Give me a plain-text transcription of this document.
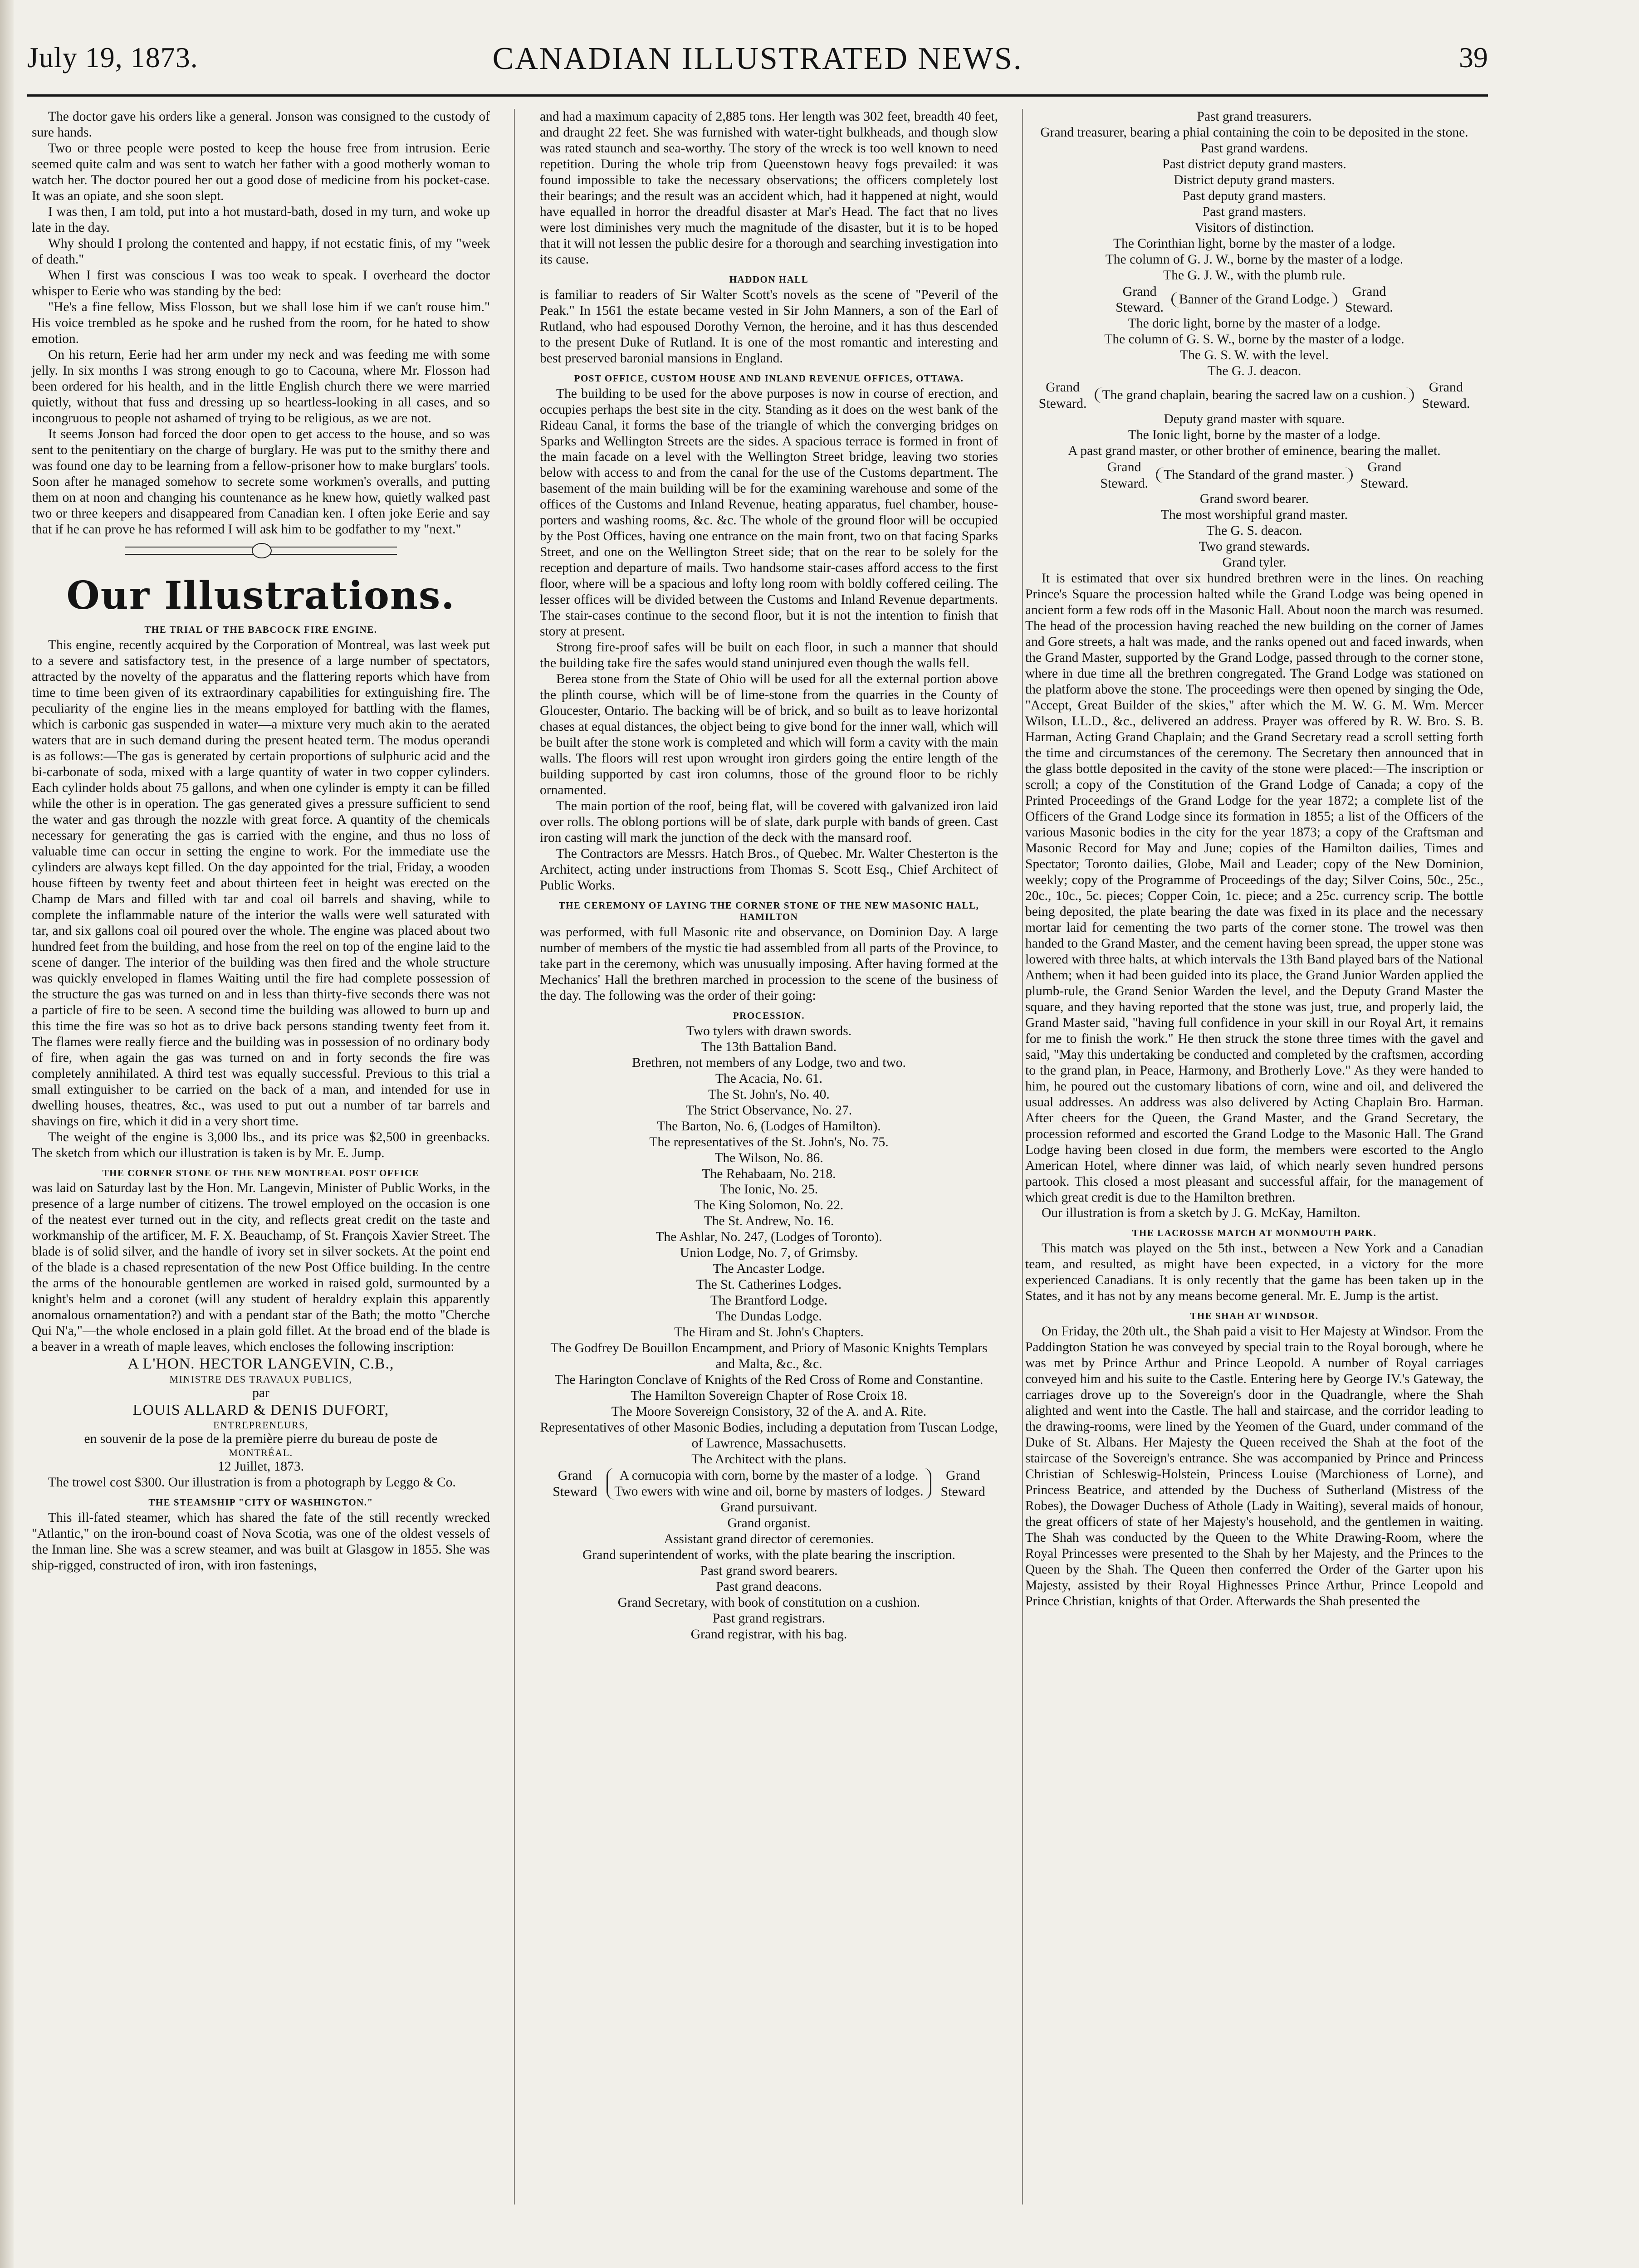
July 19, 1873.	CANADIAN ILLUSTRATED NEWS.	39

The doctor gave his orders like a general. Jonson was consigned to the custody of sure hands.

Two or three people were posted to keep the house free from intrusion. Eerie seemed quite calm and was sent to watch her father with a good motherly woman to watch her. The doctor poured her out a good dose of medicine from his pocket-case. It was an opiate, and she soon slept.

I was then, I am told, put into a hot mustard-bath, dosed in my turn, and woke up late in the day.

Why should I prolong the contented and happy, if not ecstatic finis, of my "week of death."

When I first was conscious I was too weak to speak. I overheard the doctor whisper to Eerie who was standing by the bed:

"He's a fine fellow, Miss Flosson, but we shall lose him if we can't rouse him." His voice trembled as he spoke and he rushed from the room, for he hated to show emotion.

On his return, Eerie had her arm under my neck and was feeding me with some jelly. In six months I was strong enough to go to Cacouna, where Mr. Flosson had been ordered for his health, and in the little English church there we were married quietly, without that fuss and dressing up so heartless-looking in all cases, and so incongruous to people not ashamed of trying to be religious, as we are not.

It seems Jonson had forced the door open to get access to the house, and so was sent to the penitentiary on the charge of burglary. He was put to the smithy there and was found one day to be learning from a fellow-prisoner how to make burglars' tools. Soon after he managed somehow to secrete some workmen's overalls, and putting them on at noon and changing his countenance as he knew how, quietly walked past two or three keepers and disappeared from Canadian ken. I often joke Eerie and say that if he can prove he has reformed I will ask him to be godfather to my "next."

Our Illustrations.
THE TRIAL OF THE BABCOCK FIRE ENGINE.

This engine, recently acquired by the Corporation of Montreal, was last week put to a severe and satisfactory test, in the presence of a large number of spectators, attracted by the novelty of the apparatus and the flattering reports which have from time to time been given of its extraordinary capabilities for extinguishing fire. The peculiarity of the engine lies in the means employed for battling with the flames, which is carbonic gas suspended in water—a mixture very much akin to the aerated waters that are in such demand during the present heated term. The modus operandi is as follows:—The gas is generated by certain proportions of sulphuric acid and the bi-carbonate of soda, mixed with a large quantity of water in two copper cylinders. Each cylinder holds about 75 gallons, and when one cylinder is empty it can be filled while the other is in operation. The gas generated gives a pressure sufficient to send the water and gas through the nozzle with great force. A quantity of the chemicals necessary for generating the gas is carried with the engine, and thus no loss of valuable time can occur in setting the engine to work. For the immediate use the cylinders are always kept filled. On the day appointed for the trial, Friday, a wooden house fifteen by twenty feet and about thirteen feet in height was erected on the Champ de Mars and filled with tar and coal oil barrels and shaving, while to complete the inflammable nature of the interior the walls were well saturated with tar, and six gallons coal oil poured over the whole. The engine was placed about two hundred feet from the building, and hose from the reel on top of the engine laid to the scene of danger. The interior of the building was then fired and the whole structure was quickly enveloped in flames Waiting until the fire had complete possession of the structure the gas was turned on and in less than thirty-five seconds there was not a particle of fire to be seen. A second time the building was allowed to burn up and this time the fire was so hot as to drive back persons standing twenty feet from it. The flames were really fierce and the building was in possession of no ordinary body of fire, when again the gas was turned on and in forty seconds the fire was completely annihilated. A third test was equally successful. Previous to this trial a small extinguisher to be carried on the back of a man, and intended for use in dwelling houses, theatres, &c., was used to put out a number of tar barrels and shavings on fire, which it did in a very short time.

The weight of the engine is 3,000 lbs., and its price was $2,500 in greenbacks. The sketch from which our illustration is taken is by Mr. E. Jump.

THE CORNER STONE OF THE NEW MONTREAL POST OFFICE

was laid on Saturday last by the Hon. Mr. Langevin, Minister of Public Works, in the presence of a large number of citizens. The trowel employed on the occasion is one of the neatest ever turned out in the city, and reflects great credit on the taste and workmanship of the artificer, M. F. X. Beauchamp, of St. François Xavier Street. The blade is of solid silver, and the handle of ivory set in silver sockets. At the point end of the blade is a chased representation of the new Post Office building. In the centre the arms of the honourable gentlemen are worked in raised gold, surmounted by a knight's helm and a coronet (will any student of heraldry explain this apparently anomalous ornamentation?) and with a pendant star of the Bath; the motto "Cherche Qui N'a,"—the whole enclosed in a plain gold fillet. At the broad end of the blade is a beaver in a wreath of maple leaves, which encloses the following inscription:

A L'HON. HECTOR LANGEVIN, C.B.,
MINISTRE DES TRAVAUX PUBLICS,
par
LOUIS ALLARD & DENIS DUFORT,
ENTREPRENEURS,
en souvenir de la pose de la première pierre du bureau de poste de
MONTRÉAL.
12 Juillet, 1873.

The trowel cost $300. Our illustration is from a photograph by Leggo & Co.

THE STEAMSHIP "CITY OF WASHINGTON."

This ill-fated steamer, which has shared the fate of the still recently wrecked "Atlantic," on the iron-bound coast of Nova Scotia, was one of the oldest vessels of the Inman line. She was a screw steamer, and was built at Glasgow in 1855. She was ship-rigged, constructed of iron, with iron fastenings,

and had a maximum capacity of 2,885 tons. Her length was 302 feet, breadth 40 feet, and draught 22 feet. She was furnished with water-tight bulkheads, and though slow was rated staunch and sea-worthy. The story of the wreck is too well known to need repetition. During the whole trip from Queenstown heavy fogs prevailed: it was found impossible to take the necessary observations; the officers completely lost their bearings; and the result was an accident which, had it happened at night, would have equalled in horror the dreadful disaster at Mar's Head. The fact that no lives were lost diminishes very much the magnitude of the disaster, but it is to be hoped that it will not lessen the public desire for a thorough and searching investigation into its cause.

HADDON HALL

is familiar to readers of Sir Walter Scott's novels as the scene of "Peveril of the Peak." In 1561 the estate became vested in Sir John Manners, a son of the Earl of Rutland, who had espoused Dorothy Vernon, the heroine, and it has thus descended to the present Duke of Rutland. It is one of the most romantic and interesting and best preserved baronial mansions in England.

POST OFFICE, CUSTOM HOUSE AND INLAND REVENUE OFFICES, OTTAWA.

The building to be used for the above purposes is now in course of erection, and occupies perhaps the best site in the city. Standing as it does on the west bank of the Rideau Canal, it forms the base of the triangle of which the converging bridges on Sparks and Wellington Streets are the sides. A spacious terrace is formed in front of the main facade on a level with the Wellington Street bridge, leaving two stories below with access to and from the canal for the use of the Customs department. The basement of the main building will be for the examining warehouse and some of the offices of the Customs and Inland Revenue, heating apparatus, fuel chamber, house-porters and washing rooms, &c. &c. The whole of the ground floor will be occupied by the Post Offices, having one entrance on the main front, two on that facing Sparks Street, and one on the Wellington Street side; that on the rear to be solely for the reception and departure of mails. Two handsome stair-cases afford access to the first floor, where will be a spacious and lofty long room with boldly coffered ceiling. The lesser offices will be divided between the Customs and Inland Revenue departments. The stair-cases continue to the second floor, but it is not the intention to finish that story at present.

Strong fire-proof safes will be built on each floor, in such a manner that should the building take fire the safes would stand uninjured even though the walls fell.

Berea stone from the State of Ohio will be used for all the external portion above the plinth course, which will be of lime-stone from the quarries in the County of Gloucester, Ontario. The backing will be of brick, and so built as to leave horizontal chases at equal distances, the object being to give bond for the inner wall, which will be built after the stone work is completed and which will form a cavity with the main walls. The floors will rest upon wrought iron girders going the entire length of the building supported by cast iron columns, those of the ground floor to be richly ornamented.

The main portion of the roof, being flat, will be covered with galvanized iron laid over rolls. The oblong portions will be of slate, dark purple with bands of green. Cast iron casting will mark the junction of the deck with the mansard roof.

The Contractors are Messrs. Hatch Bros., of Quebec. Mr. Walter Chesterton is the Architect, acting under instructions from Thomas S. Scott Esq., Chief Architect of Public Works.

THE CEREMONY OF LAYING THE CORNER STONE OF THE NEW MASONIC HALL, HAMILTON

was performed, with full Masonic rite and observance, on Dominion Day. A large number of members of the mystic tie had assembled from all parts of the Province, to take part in the ceremony, which was unusually imposing. After having formed at the Mechanics' Hall the brethren marched in procession to the scene of the business of the day. The following was the order of their going:

PROCESSION.
Two tylers with drawn swords.
The 13th Battalion Band.
Brethren, not members of any Lodge, two and two.
The Acacia, No. 61.
The St. John's, No. 40.
The Strict Observance, No. 27.
The Barton, No. 6, (Lodges of Hamilton).
The representatives of the St. John's, No. 75.
The Wilson, No. 86.
The Rehabaam, No. 218.
The Ionic, No. 25.
The King Solomon, No. 22.
The St. Andrew, No. 16.
The Ashlar, No. 247, (Lodges of Toronto).
Union Lodge, No. 7, of Grimsby.
The Ancaster Lodge.
The St. Catherines Lodges.
The Brantford Lodge.
The Dundas Lodge.
The Hiram and St. John's Chapters.
The Godfrey De Bouillon Encampment, and Priory of Masonic Knights Templars and Malta, &c., &c.
The Harington Conclave of Knights of the Red Cross of Rome and Constantine.
The Hamilton Sovereign Chapter of Rose Croix 18.
The Moore Sovereign Consistory, 32 of the A. and A. Rite.
Representatives of other Masonic Bodies, including a deputation from Tuscan Lodge, of Lawrence, Massachusetts.
The Architect with the plans.
Grand Steward
A cornucopia with corn, borne by the master of a lodge.
Two ewers with wine and oil, borne by masters of lodges.
Grand Steward
Grand pursuivant.
Grand organist.
Assistant grand director of ceremonies.
Grand superintendent of works, with the plate bearing the inscription.
Past grand sword bearers.
Past grand deacons.
Grand Secretary, with book of constitution on a cushion.
Past grand registrars.
Grand registrar, with his bag.
Past grand treasurers.
Grand treasurer, bearing a phial containing the coin to be deposited in the stone.
Past grand wardens.
Past district deputy grand masters.
District deputy grand masters.
Past deputy grand masters.
Past grand masters.
Visitors of distinction.
The Corinthian light, borne by the master of a lodge.
The column of G. J. W., borne by the master of a lodge.
The G. J. W., with the plumb rule.
Grand Steward.
Banner of the Grand Lodge.
Grand Steward.
The doric light, borne by the master of a lodge.
The column of G. S. W., borne by the master of a lodge.
The G. S. W. with the level.
The G. J. deacon.
Grand Steward.
The grand chaplain, bearing the sacred law on a cushion.
Grand Steward.
Deputy grand master with square.
The Ionic light, borne by the master of a lodge.
A past grand master, or other brother of eminence, bearing the mallet.
Grand Steward.
The Standard of the grand master.
Grand Steward.
Grand sword bearer.
The most worshipful grand master.
The G. S. deacon.
Two grand stewards.
Grand tyler.

It is estimated that over six hundred brethren were in the lines. On reaching Prince's Square the procession halted while the Grand Lodge was being opened in ancient form a few rods off in the Masonic Hall. About noon the march was resumed. The head of the procession having reached the new building on the corner of James and Gore streets, a halt was made, and the ranks opened out and faced inwards, when the Grand Master, supported by the Grand Lodge, passed through to the corner stone, where in due time all the brethren congregated. The Grand Lodge was stationed on the platform above the stone. The proceedings were then opened by singing the Ode, "Accept, Great Builder of the skies," after which the M. W. G. M. Wm. Mercer Wilson, LL.D., &c., delivered an address. Prayer was offered by R. W. Bro. S. B. Harman, Acting Grand Chaplain; and the Grand Secretary read a scroll setting forth the time and circumstances of the ceremony. The Secretary then announced that in the glass bottle deposited in the cavity of the stone were placed:—The inscription or scroll; a copy of the Constitution of the Grand Lodge of Canada; a copy of the Printed Proceedings of the Grand Lodge for the year 1872; a complete list of the Officers of the Grand Lodge since its formation in 1855; a list of the Officers of the various Masonic bodies in the city for the year 1873; a copy of the Craftsman and Masonic Record for May and June; copies of the Hamilton dailies, Times and Spectator; Toronto dailies, Globe, Mail and Leader; copy of the New Dominion, weekly; copy of the Programme of Proceedings of the day; Silver Coins, 50c., 25c., 20c., 10c., 5c. pieces; Copper Coin, 1c. piece; and a 25c. currency scrip. The bottle being deposited, the plate bearing the date was fixed in its place and the necessary mortar laid for cementing the two parts of the corner stone. The trowel was then handed to the Grand Master, and the cement having been spread, the upper stone was lowered with three halts, at which intervals the 13th Band played bars of the National Anthem; when it had been guided into its place, the Grand Junior Warden applied the plumb-rule, the Grand Senior Warden the level, and the Deputy Grand Master the square, and they having reported that the stone was just, true, and properly laid, the Grand Master said, "having full confidence in your skill in our Royal Art, it remains for me to finish the work." He then struck the stone three times with the gavel and said, "May this undertaking be conducted and completed by the craftsmen, according to the grand plan, in Peace, Harmony, and Brotherly Love." As they were handed to him, he poured out the customary libations of corn, wine and oil, and delivered the usual addresses. An address was also delivered by Acting Chaplain Bro. Harman. After cheers for the Queen, the Grand Master, and the Grand Secretary, the procession reformed and escorted the Grand Lodge to the Masonic Hall. The Grand Lodge having been closed in due form, the members were escorted to the Anglo American Hotel, where dinner was laid, of which nearly seven hundred persons partook. This closed a most pleasant and successful affair, for the management of which great credit is due to the Hamilton brethren.

Our illustration is from a sketch by J. G. McKay, Hamilton.

THE LACROSSE MATCH AT MONMOUTH PARK.

This match was played on the 5th inst., between a New York and a Canadian team, and resulted, as might have been expected, in a victory for the more experienced Canadians. It is only recently that the game has been taken up in the States, and it has not by any means become general. Mr. E. Jump is the artist.

THE SHAH AT WINDSOR.

On Friday, the 20th ult., the Shah paid a visit to Her Majesty at Windsor. From the Paddington Station he was conveyed by special train to the Royal borough, where he was met by Prince Arthur and Prince Leopold. A number of Royal carriages conveyed him and his suite to the Castle. Entering here by George IV.'s Gateway, the carriages drove up to the Sovereign's door in the Quadrangle, where the Shah alighted and went into the Castle. The hall and staircase, and the corridor leading to the drawing-rooms, were lined by the Yeomen of the Guard, under command of the Duke of St. Albans. Her Majesty the Queen received the Shah at the foot of the staircase of the Sovereign's entrance. She was accompanied by Prince and Princess Christian of Schleswig-Holstein, Princess Louise (Marchioness of Lorne), and Princess Beatrice, and attended by the Duchess of Sutherland (Mistress of the Robes), the Dowager Duchess of Athole (Lady in Waiting), several maids of honour, the great officers of state of her Majesty's household, and the gentlemen in waiting. The Shah was conducted by the Queen to the White Drawing-Room, where the Royal Princesses were presented to the Shah by her Majesty, and the Princes to the Queen by the Shah. The Queen then conferred the Order of the Garter upon his Majesty, assisted by their Royal Highnesses Prince Arthur, Prince Leopold and Prince Christian, knights of that Order. Afterwards the Shah presented the
